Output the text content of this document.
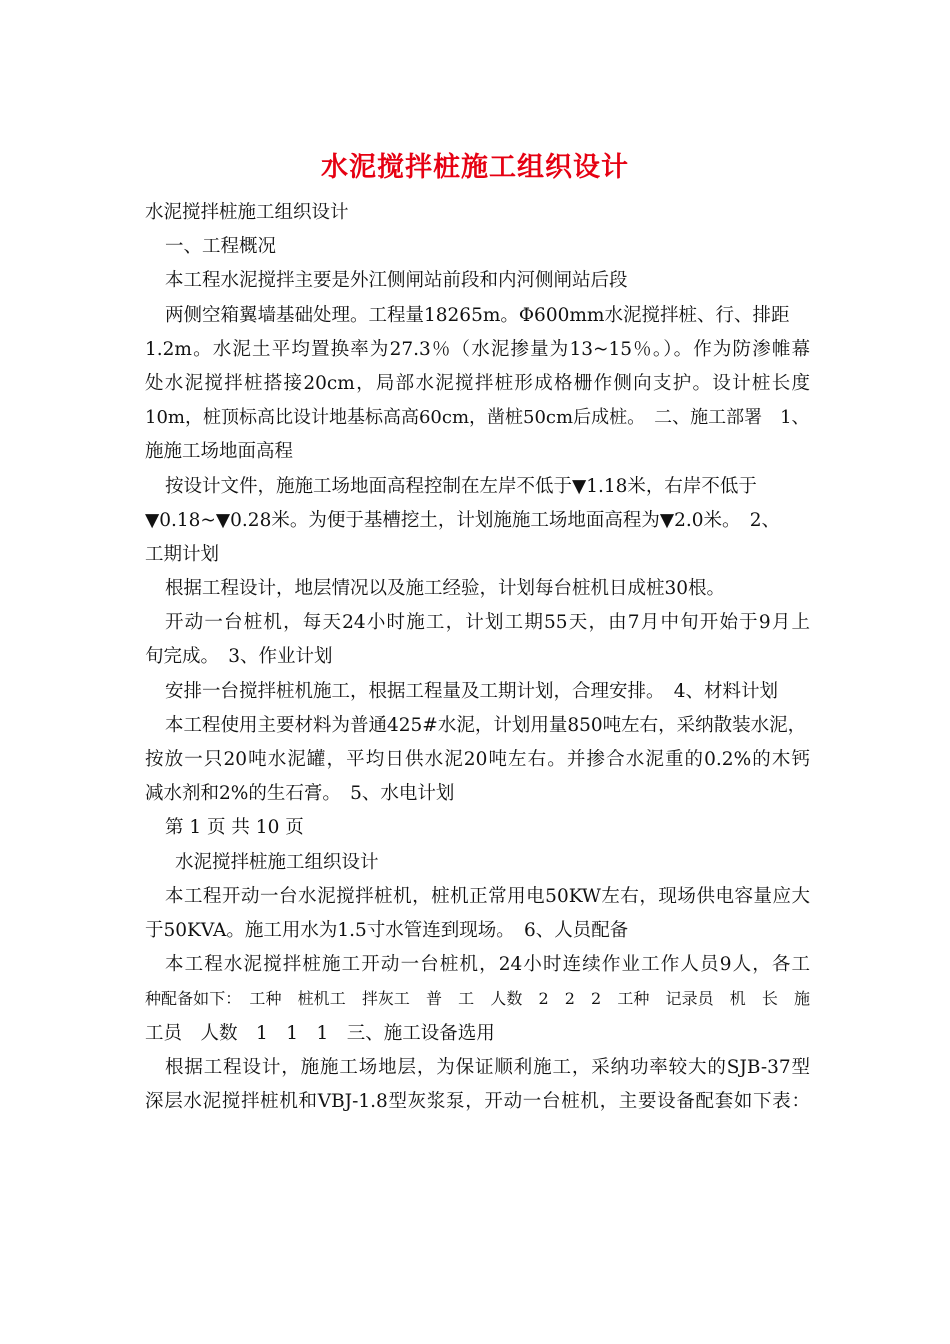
水泥搅拌桩施工组织设计
水泥搅拌桩施工组织设计
一、工程概况
本工程水泥搅拌主要是外江侧闸站前段和内河侧闸站后段
两侧空箱翼墙基础处理。工程量18265m。Φ600mm水泥搅拌桩、行、排距
1.2m。水泥土平均置换率为27.3％（水泥掺量为13~15％。）。作为防渗帷幕
处水泥搅拌桩搭接20cm，局部水泥搅拌桩形成格栅作侧向支护。设计桩长度
10m，桩顶标高比设计地基标高高60cm，凿桩50cm后成桩。　二、施工部署　1、
施施工场地面高程
按设计文件，施施工场地面高程控制在左岸不低于▼1.18米，右岸不低于
▼0.18~▼0.28米。为便于基槽挖土，计划施施工场地面高程为▼2.0米。　2、
工期计划
根据工程设计，地层情况以及施工经验，计划每台桩机日成桩30根。
开动一台桩机，每天24小时施工，计划工期55天，由7月中旬开始于9月上
旬完成。　3、作业计划
安排一台搅拌桩机施工，根据工程量及工期计划，合理安排。　4、材料计划
本工程使用主要材料为普通425#水泥，计划用量850吨左右，采纳散装水泥，
按放一只20吨水泥罐，平均日供水泥20吨左右。并掺合水泥重的0.2%的木钙
减水剂和2%的生石膏。　5、水电计划
第 1 页 共 10 页
水泥搅拌桩施工组织设计
本工程开动一台水泥搅拌桩机，桩机正常用电50KW左右，现场供电容量应大
于50KVA。施工用水为1.5寸水管连到现场。　6、人员配备
本工程水泥搅拌桩施工开动一台桩机，24小时连续作业工作人员9人，各工
种配备如下：　工种　桩机工　拌灰工　普　工　人数　2　2　2　工种　记录员　机　长　施
工员　人数　1　1　1　三、施工设备选用
根据工程设计，施施工场地层，为保证顺利施工，采纳功率较大的SJB-37型
深层水泥搅拌桩机和VBJ-1.8型灰浆泵，开动一台桩机，主要设备配套如下表：
